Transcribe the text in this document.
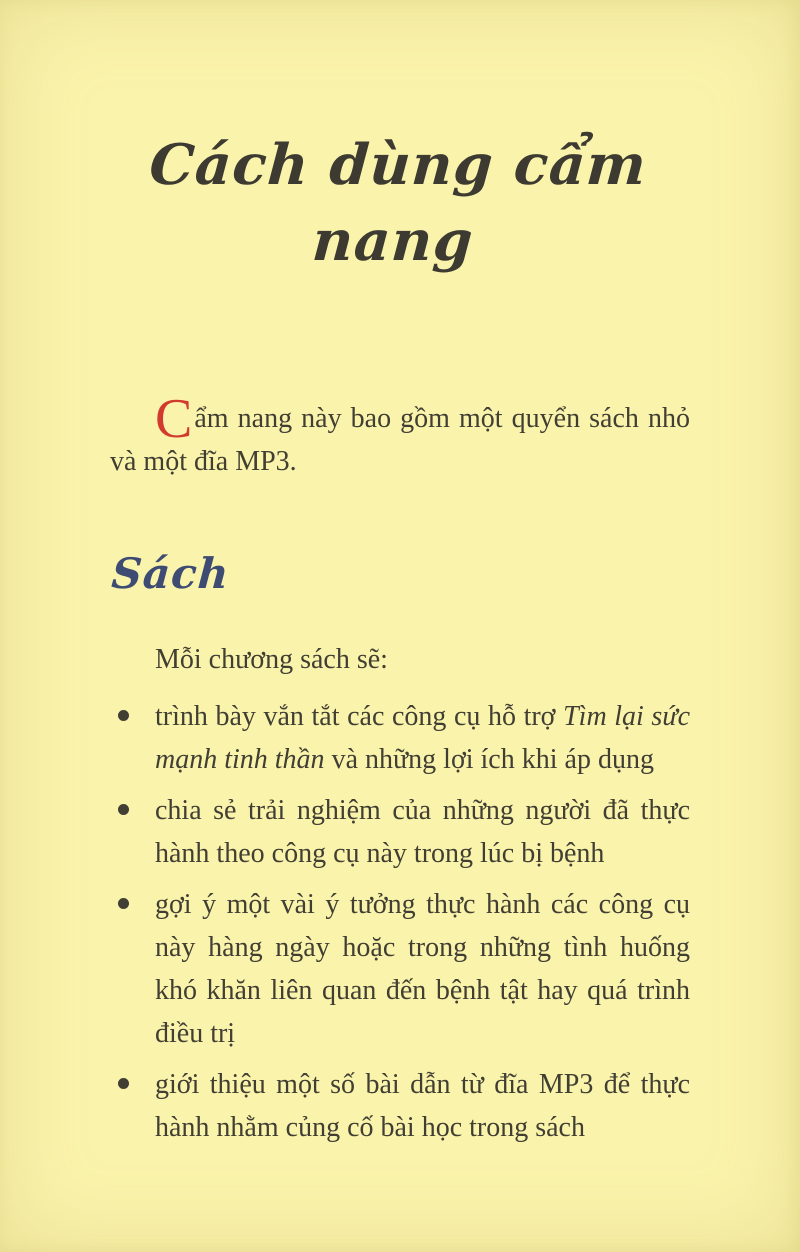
Cách dùng cẩm nang

Cẩm nang này bao gồm một quyển sách nhỏ và một đĩa MP3.

Sách

Mỗi chương sách sẽ:

trình bày vắn tắt các công cụ hỗ trợ Tìm lại sức mạnh tinh thần và những lợi ích khi áp dụng
chia sẻ trải nghiệm của những người đã thực hành theo công cụ này trong lúc bị bệnh
gợi ý một vài ý tưởng thực hành các công cụ này hàng ngày hoặc trong những tình huống khó khăn liên quan đến bệnh tật hay quá trình điều trị
giới thiệu một số bài dẫn từ đĩa MP3 để thực hành nhằm củng cố bài học trong sách
